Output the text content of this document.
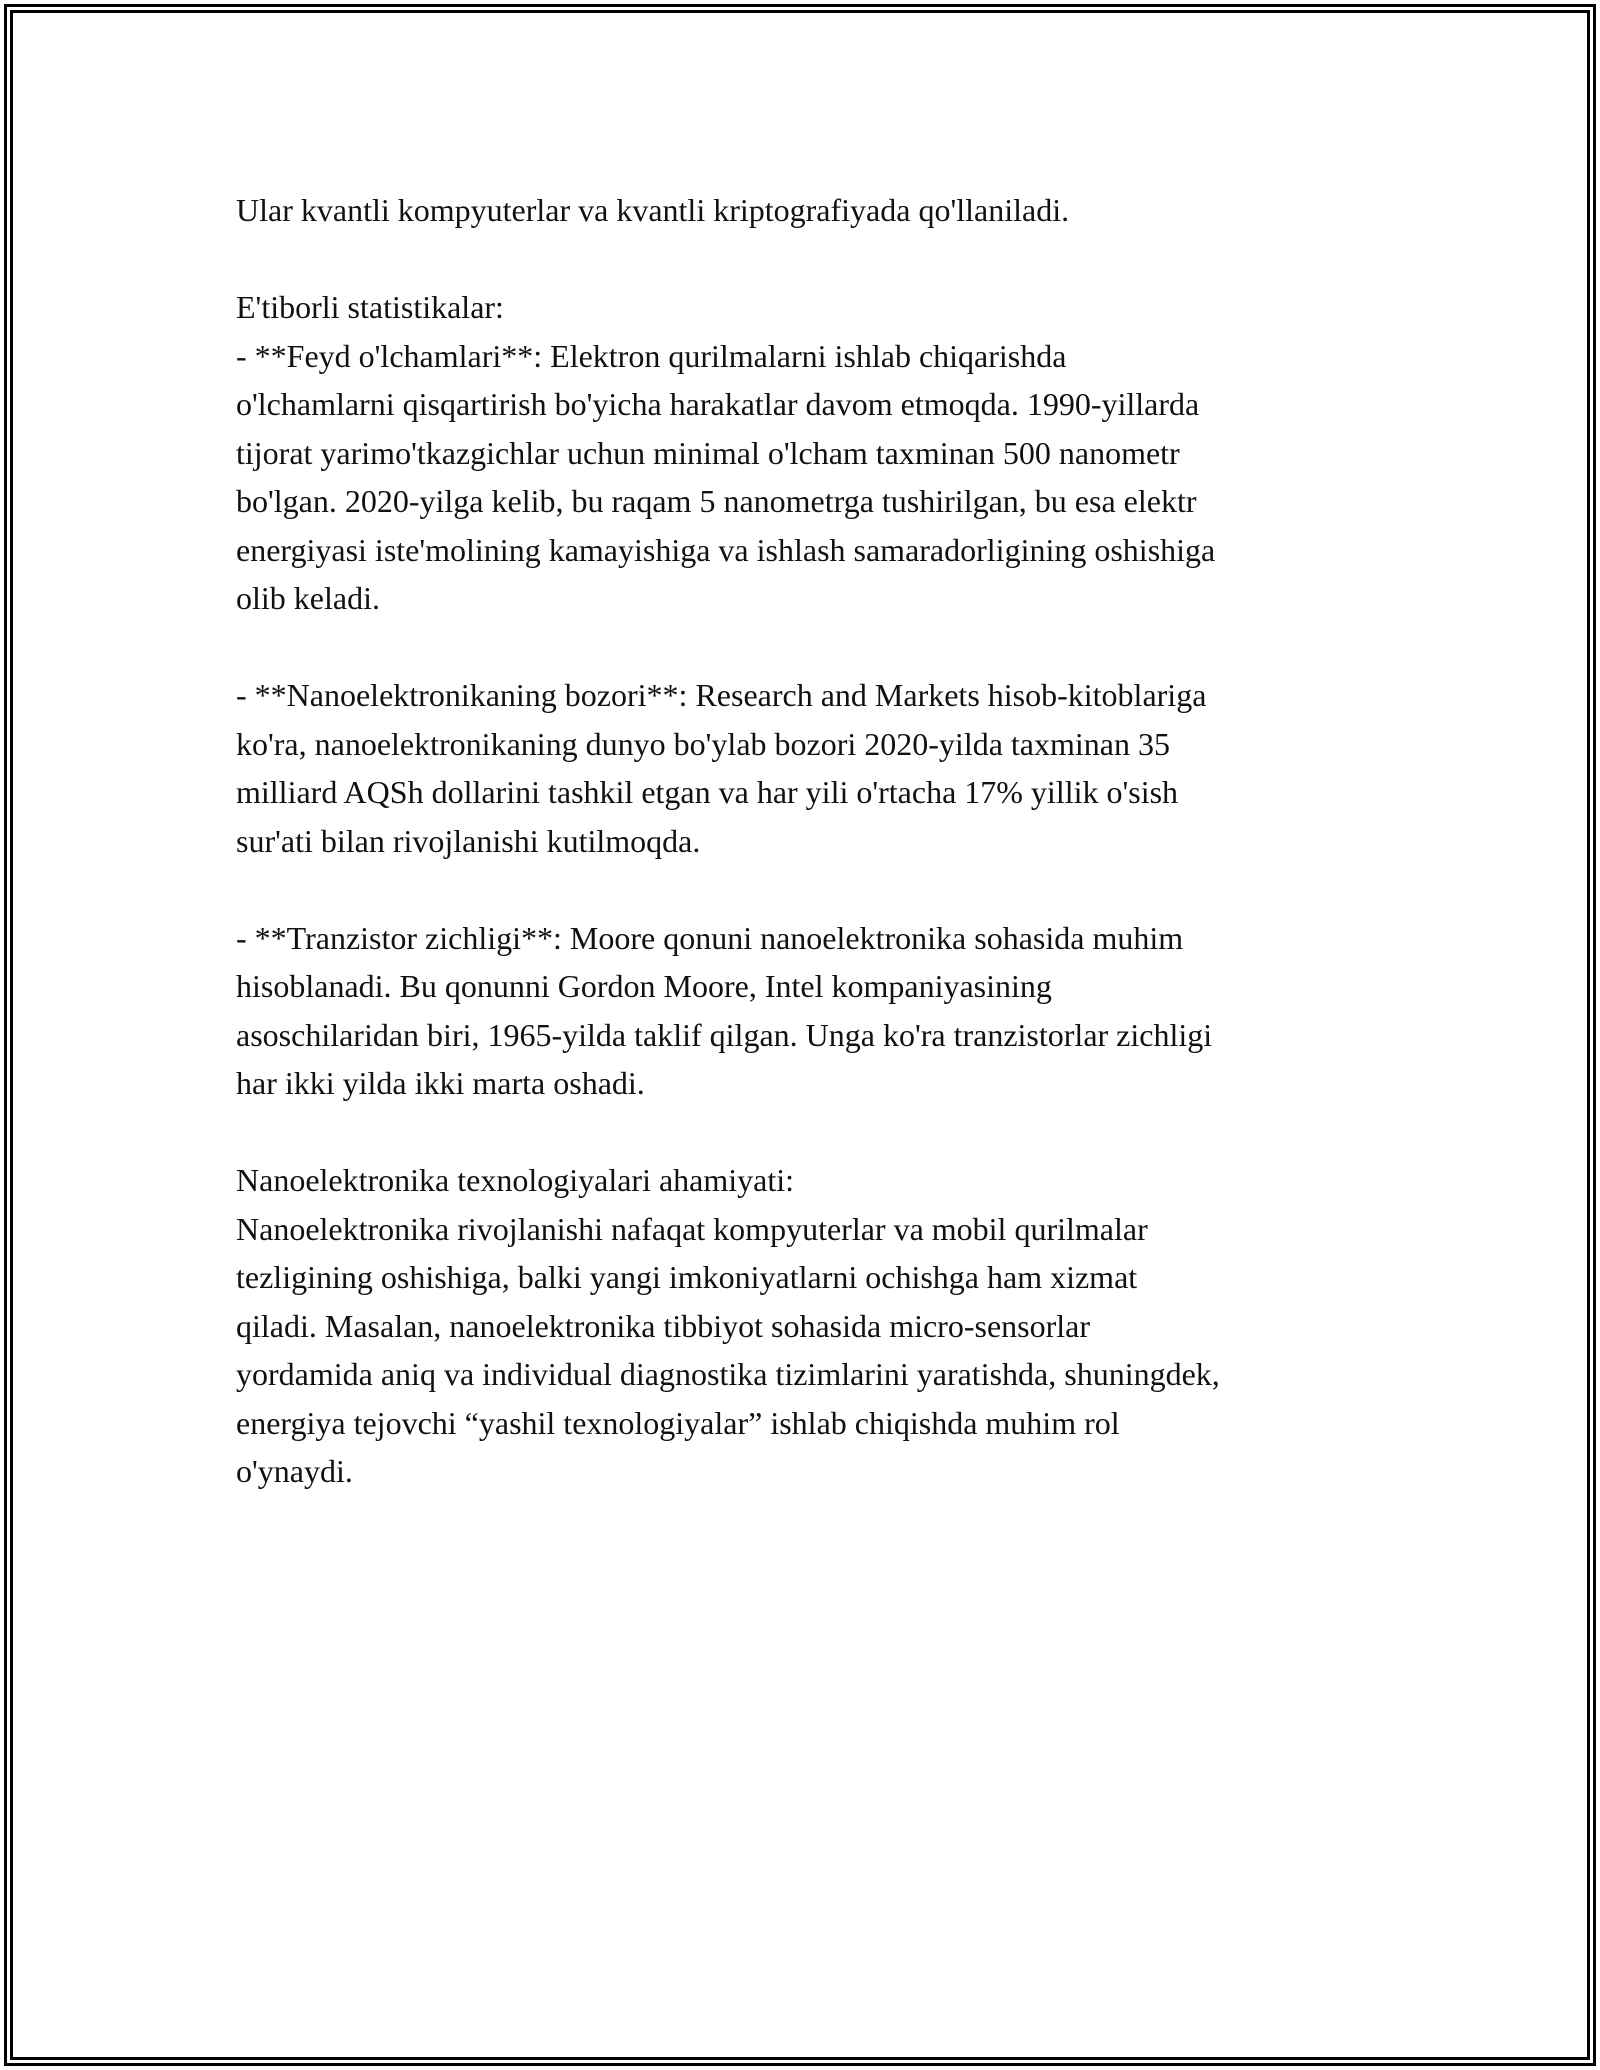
Ular kvantli kompyuterlar va kvantli kriptografiyada qo'llaniladi.
E'tiborli statistikalar:
- **Feyd o'lchamlari**: Elektron qurilmalarni ishlab chiqarishda
o'lchamlarni qisqartirish bo'yicha harakatlar davom etmoqda. 1990-yillarda
tijorat yarimo'tkazgichlar uchun minimal o'lcham taxminan 500 nanometr
bo'lgan. 2020-yilga kelib, bu raqam 5 nanometrga tushirilgan, bu esa elektr
energiyasi iste'molining kamayishiga va ishlash samaradorligining oshishiga
olib keladi.
- **Nanoelektronikaning bozori**: Research and Markets hisob-kitoblariga
ko'ra, nanoelektronikaning dunyo bo'ylab bozori 2020-yilda taxminan 35
milliard AQSh dollarini tashkil etgan va har yili o'rtacha 17% yillik o'sish
sur'ati bilan rivojlanishi kutilmoqda.
- **Tranzistor zichligi**: Moore qonuni nanoelektronika sohasida muhim
hisoblanadi. Bu qonunni Gordon Moore, Intel kompaniyasining
asoschilaridan biri, 1965-yilda taklif qilgan. Unga ko'ra tranzistorlar zichligi
har ikki yilda ikki marta oshadi.
Nanoelektronika texnologiyalari ahamiyati:
Nanoelektronika rivojlanishi nafaqat kompyuterlar va mobil qurilmalar
tezligining oshishiga, balki yangi imkoniyatlarni ochishga ham xizmat
qiladi. Masalan, nanoelektronika tibbiyot sohasida micro-sensorlar
yordamida aniq va individual diagnostika tizimlarini yaratishda, shuningdek,
energiya tejovchi “yashil texnologiyalar” ishlab chiqishda muhim rol
o'ynaydi.
